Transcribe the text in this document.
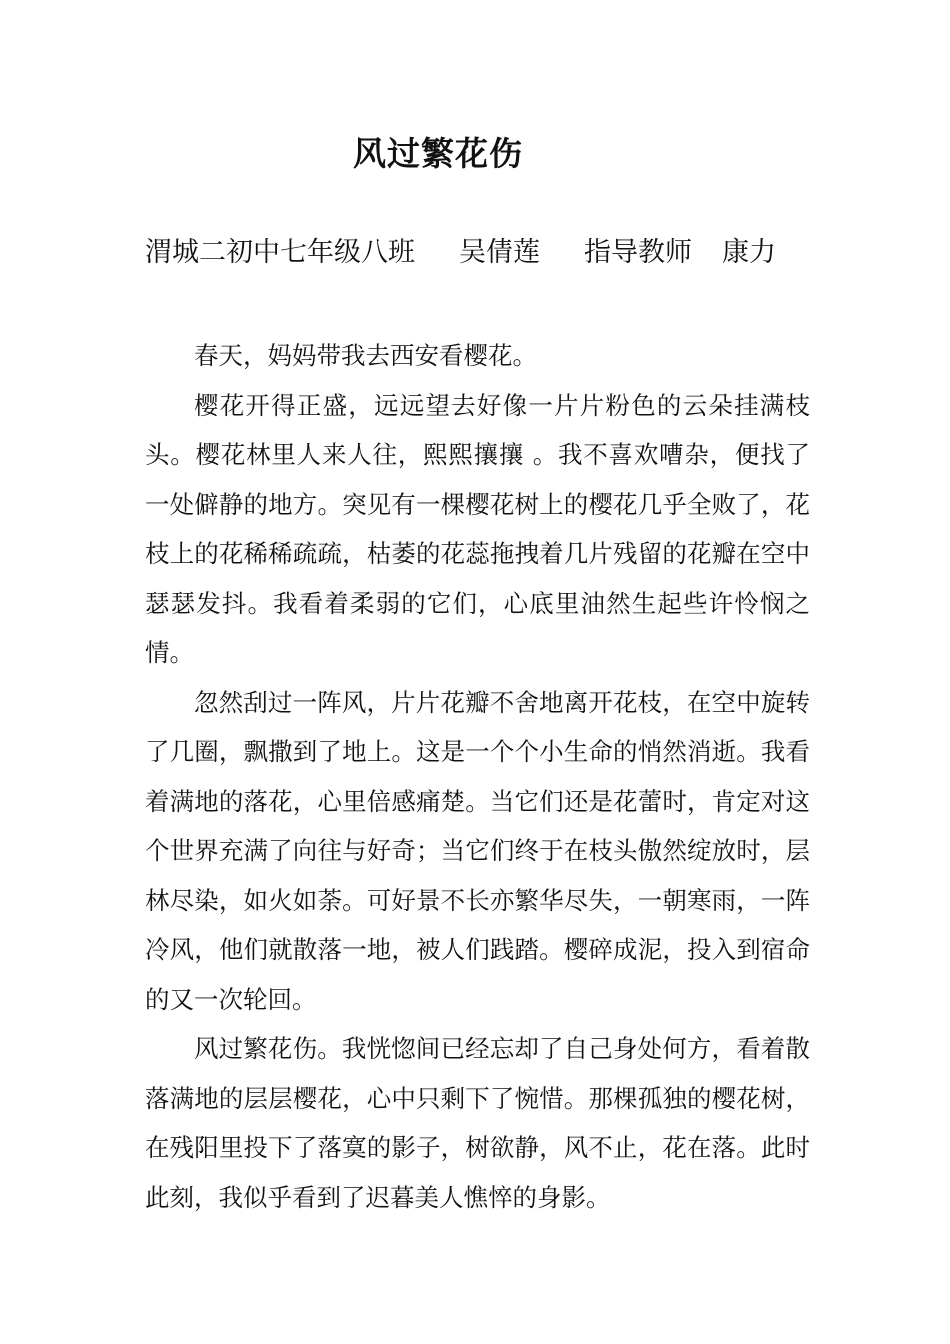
风过繁花伤
渭城二初中七年级八班 吴倩莲 指导教师 康力

春天，妈妈带我去西安看樱花。

樱花开得正盛，远远望去好像一片片粉色的云朵挂满枝头。樱花林里人来人往，熙熙攘攘 。我不喜欢嘈杂，便找了一处僻静的地方。突见有一棵樱花树上的樱花几乎全败了，花枝上的花稀稀疏疏，枯萎的花蕊拖拽着几片残留的花瓣在空中瑟瑟发抖。我看着柔弱的它们，心底里油然生起些许怜悯之情。

忽然刮过一阵风，片片花瓣不舍地离开花枝，在空中旋转了几圈，飘撒到了地上。这是一个个小生命的悄然消逝。我看着满地的落花，心里倍感痛楚。当它们还是花蕾时，肯定对这个世界充满了向往与好奇；当它们终于在枝头傲然绽放时，层林尽染，如火如荼。可好景不长亦繁华尽失，一朝寒雨，一阵冷风，他们就散落一地，被人们践踏。樱碎成泥，投入到宿命的又一次轮回。

风过繁花伤。我恍惚间已经忘却了自己身处何方，看着散落满地的层层樱花，心中只剩下了惋惜。那棵孤独的樱花树，在残阳里投下了落寞的影子，树欲静，风不止，花在落。此时此刻，我似乎看到了迟暮美人憔悴的身影。
